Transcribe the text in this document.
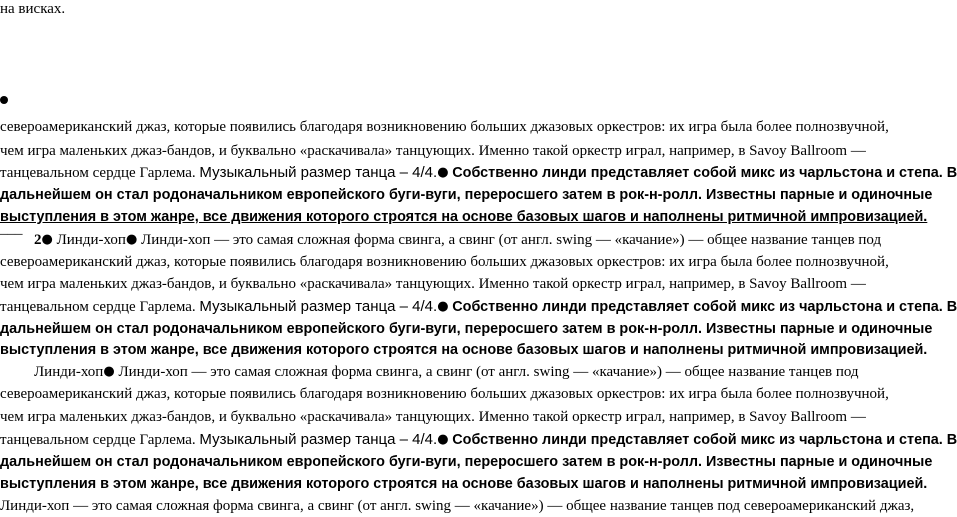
на висках.
североамериканский джаз, которые появились благодаря возникновению больших джазовых оркестров: их игра была более полнозвучной,
чем игра маленьких джаз-бандов, и буквально «раскачивала» танцующих. Именно такой оркестр играл, например, в Savoy Ballroom —
танцевальном сердце Гарлема. Музыкальный размер танца – 4/4.● Собственно линди представляет собой микс из чарльстона и степа. В
дальнейшем он стал родоначальником европейского буги-вуги, переросшего затем в рок-н-ролл. Известны парные и одиночные
выступления в этом жанре, все движения которого строятся на основе базовых шагов и наполнены ритмичной импровизацией.
___
2● Линди-хоп● Линди-хоп — это самая сложная форма свинга, а свинг (от англ. swing — «качание») — общее название танцев под
североамериканский джаз, которые появились благодаря возникновению больших джазовых оркестров: их игра была более полнозвучной,
чем игра маленьких джаз-бандов, и буквально «раскачивала» танцующих. Именно такой оркестр играл, например, в Savoy Ballroom —
танцевальном сердце Гарлема. Музыкальный размер танца – 4/4.● Собственно линди представляет собой микс из чарльстона и степа. В
дальнейшем он стал родоначальником европейского буги-вуги, переросшего затем в рок-н-ролл. Известны парные и одиночные
выступления в этом жанре, все движения которого строятся на основе базовых шагов и наполнены ритмичной импровизацией.
Линди-хоп● Линди-хоп — это самая сложная форма свинга, а свинг (от англ. swing — «качание») — общее название танцев под
североамериканский джаз, которые появились благодаря возникновению больших джазовых оркестров: их игра была более полнозвучной,
чем игра маленьких джаз-бандов, и буквально «раскачивала» танцующих. Именно такой оркестр играл, например, в Savoy Ballroom —
танцевальном сердце Гарлема. Музыкальный размер танца – 4/4.● Собственно линди представляет собой микс из чарльстона и степа. В
дальнейшем он стал родоначальником европейского буги-вуги, переросшего затем в рок-н-ролл. Известны парные и одиночные
выступления в этом жанре, все движения которого строятся на основе базовых шагов и наполнены ритмичной импровизацией.
Линди-хоп — это самая сложная форма свинга, а свинг (от англ. swing — «качание») — общее название танцев под североамериканский джаз,
